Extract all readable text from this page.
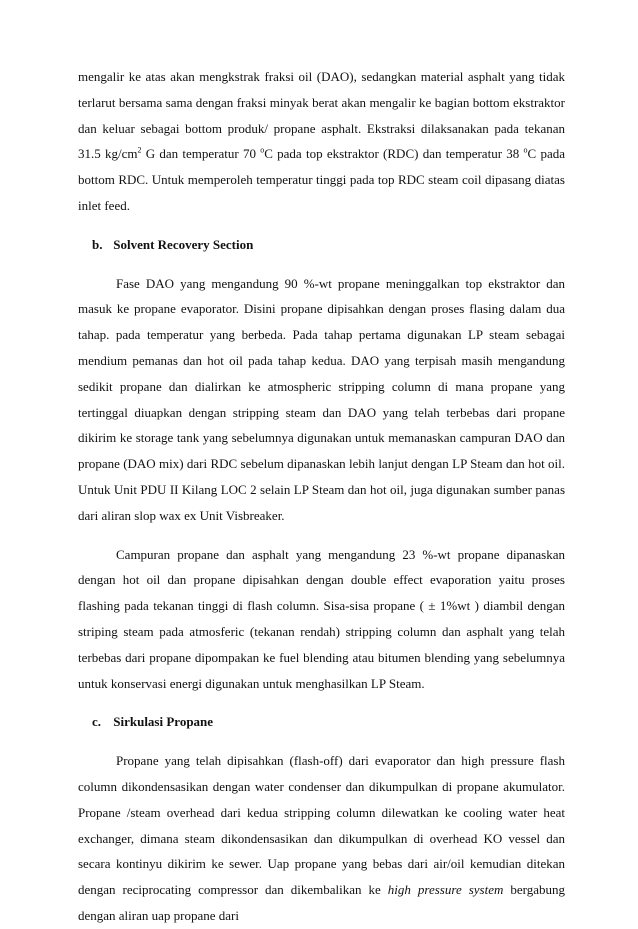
mengalir ke atas akan mengkstrak fraksi oil (DAO), sedangkan material asphalt yang tidak terlarut bersama sama dengan fraksi minyak berat akan mengalir ke bagian bottom ekstraktor dan keluar sebagai bottom produk/ propane asphalt. Ekstraksi dilaksanakan pada tekanan 31.5 $kg/cm^2$ G dan temperatur 70 $^o$C pada top ekstraktor (RDC) dan temperatur 38 $^o$C pada bottom RDC. Untuk memperoleh temperatur tinggi pada top RDC steam coil dipasang diatas inlet feed.

b. Solvent Recovery Section

Fase DAO yang mengandung 90 %-wt propane meninggalkan top ekstraktor dan masuk ke propane evaporator. Disini propane dipisahkan dengan proses flasing dalam dua tahap. pada temperatur yang berbeda. Pada tahap pertama digunakan LP steam sebagai mendium pemanas dan hot oil pada tahap kedua. DAO yang terpisah masih mengandung sedikit propane dan dialirkan ke atmospheric stripping column di mana propane yang tertinggal diuapkan dengan stripping steam dan DAO yang telah terbebas dari propane dikirim ke storage tank yang sebelumnya digunakan untuk memanaskan campuran DAO dan propane (DAO mix) dari RDC sebelum dipanaskan lebih lanjut dengan LP Steam dan hot oil. Untuk Unit PDU II Kilang LOC 2 selain LP Steam dan hot oil, juga digunakan sumber panas dari aliran slop wax ex Unit Visbreaker.

Campuran propane dan asphalt yang mengandung 23 %-wt propane dipanaskan dengan hot oil dan propane dipisahkan dengan double effect evaporation yaitu proses flashing pada tekanan tinggi di flash column. Sisa-sisa propane ( ± 1%wt ) diambil dengan striping steam pada atmosferic (tekanan rendah) stripping column dan asphalt yang telah terbebas dari propane dipompakan ke fuel blending atau bitumen blending yang sebelumnya untuk konservasi energi digunakan untuk menghasilkan LP Steam.

c. Sirkulasi Propane

Propane yang telah dipisahkan (flash-off) dari evaporator dan high pressure flash column dikondensasikan dengan water condenser dan dikumpulkan di propane akumulator. Propane /steam overhead dari kedua stripping column dilewatkan ke cooling water heat exchanger, dimana steam dikondensasikan dan dikumpulkan di overhead KO vessel dan secara kontinyu dikirim ke sewer. Uap propane yang bebas dari air/oil kemudian ditekan dengan reciprocating compressor dan dikembalikan ke high pressure system bergabung dengan aliran uap propane dari
